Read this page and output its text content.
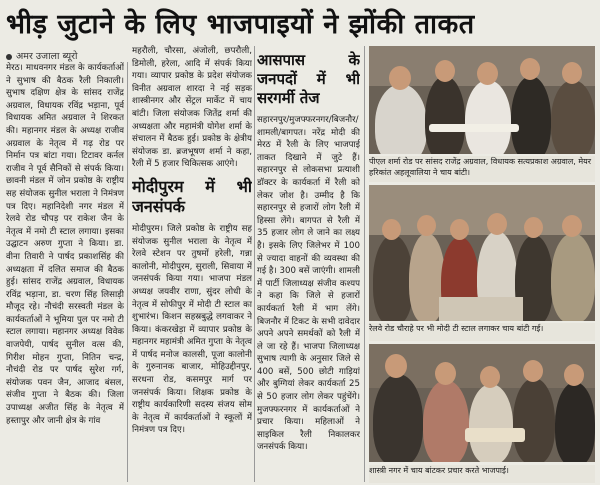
भीड़ जुटाने के लिए भाजपाइयों ने झोंकी ताकत
अमर उजाला ब्यूरो
मेरठ। माधवनगर मंडल के कार्यकर्ताओं ने सुभाष की बैठक रैली निकाली। सुभाष दक्षिण क्षेत्र के सांसद राजेंद्र अग्रवाल, विधायक रविंद्र भड़ाना, पूर्व विधायक अमित अग्रवाल ने शिरकत की। महानगर मंडल के अध्यक्ष राजीव अग्रवाल के नेतृत्व में गढ़ रोड पर निर्मान पत्र बांटा गया। टिटावर कर्नल राजीव ने पूर्व सैनिकों से संपर्क किया। छावनी मंडल में जोन प्रकोष्ठ के राष्ट्रीय सह संयोजक सुनील भराला ने निमंत्रण पत्र दिए। महानिदेशी नगर मंडल में रेलवे रोड चौपड़ पर राकेश जैन के नेतृत्व में नमो टी स्टाल लगाया। इसका उद्घाटन अरुण गुप्ता ने किया। डा. वीना तिवारी ने पार्षद प्रकाशसिंह की अध्यक्षता में दलित समाज की बैठक हुई। सांसद राजेंद्र अग्रवाल, विधायक रविंद्र भड़ाना, डा. चरण सिंह लिसाड़ी मौजूद रहे। नौचंदी सरस्वती मंडल के कार्यकर्ताओं ने भूमिया पुल पर नमो टी स्टाल लगाया। महानगर अध्यक्ष विवेक वाजपेयी, पार्षद सुनील वत्स की, गिरीश मोहन गुप्ता, नितिन चन्द्र, नौचंदी रोड पर पार्षद सुरेश गर्ग, संयोजक पवन जैन, आजाद बंसल, संजीव गुप्ता ने बैठक की। जिला उपाध्यक्ष अजीत सिंह के नेतृत्व में हस्तापुर और जानी क्षेत्र के गांव
महरौली, चौरसा, अंजोली, छपरौली, डिमोली, हरेला, आदि में संपर्क किया गया। व्यापार प्रकोष्ठ के प्रदेश संयोजक विनीत अग्रवाल शारदा ने नई सड़क शास्त्रीनगर और सेंट्रल मार्केट में चाय बांटी। जिला संयोजक जितेंद्र शर्मा की अध्यक्षता और महामंत्री योगेश शर्मा के संचालन में बैठक हुई। प्रकोष्ठ के क्षेत्रीय संयोजक डा. ब्रजभूषण शर्मा ने कहा, रैली में 5 हजार चिकित्सक आएंगे।
मोदीपुरम में भी जनसंपर्क
मोदीपुरम। जिले प्रकोष्ठ के राष्ट्रीय सह संयोजक सुनील भराला के नेतृत्व में रेलवे स्टेशन पर तुषमों हरेली, गन्ना कालोनी, मोदीपुरम, सुराली, सिवाया में जनसंपर्क किया गया। भाजपा मंडल अध्यक्ष जयवीर राणा, सुंदर लोधी के नेतृत्व में सोफीपुर में मोदी टी स्टाल का शुभारंभ। किशन सहस्रबुद्धे लगवाकर ने किया। कंकरखेड़ा में व्यापार प्रकोष्ठ के महानगर महामंत्री अमित गुप्ता के नेतृत्व में पार्षद मनोज कालसी, पूजा कालोनी के गुरुनानक बाजार, मोहिउद्दीनपुर, सरधना रोड, कसमपुर मार्ग पर जनसंपर्क किया। शिक्षक प्रकोष्ठ के राष्ट्रीय कार्यकारिणी सदस्य संजय सोम के नेतृत्व में कार्यकर्ताओं ने स्कूलों में निमंत्रण पत्र दिए।
आसपास के जनपदों में भी सरगर्मी तेज
सहारनपुर/मुजफ्फरनगर/बिजनौर/शामली/बागपत। नरेंद्र मोदी की मेरठ में रैली के लिए भाजपाई ताकत दिखाने में जुटे हैं। सहारनपुर से लोकसभा प्रत्याशी डॉक्टर के कार्यकर्ता में रैली को लेकर जोश है। उम्मीद है कि सहारनपुर से हजारों लोग रैली में हिस्सा लेंगे। बागपत से रैली में 35 हजार लोग ले जाने का लक्ष्य है। इसके लिए जिलेभर में 100 से ज्यादा वाहनों की व्यवस्था की गई है। 300 बसें जाएंगी। शामली में पार्टी जिलाध्यक्ष संजीव कश्यप ने कहा कि जिले से हजारों कार्यकर्ता रैली में भाग लेंगे। बिजनौर में टिकट के सभी दावेदार अपने अपने समर्थकों को रैली में ले जा रहे हैं। भाजपा जिलाध्यक्ष सुभाष त्यागी के अनुसार जिले से 400 बसें, 500 छोटी गाड़ियां और बुग्गियां लेकर कार्यकर्ता 25 से 50 हजार लोग लेकर पहुंचेंगे। मुजफ्फरनगर में कार्यकर्ताओं ने प्रचार किया। महिलाओं ने साइकिल रैली निकालकर जनसंपर्क किया।
पीएल शर्मा रोड पर सांसद राजेंद्र अग्रवाल, विधायक सत्यप्रकाश अग्रवाल, मेयर हरिकांत अहलूवालिया ने चाय बांटी।
रेलवे रोड चौराहे पर भी मोदी टी स्टाल लगाकर चाय बांटी गई।
शास्त्री नगर में चाय बांटकर प्रचार करते भाजपाई।
